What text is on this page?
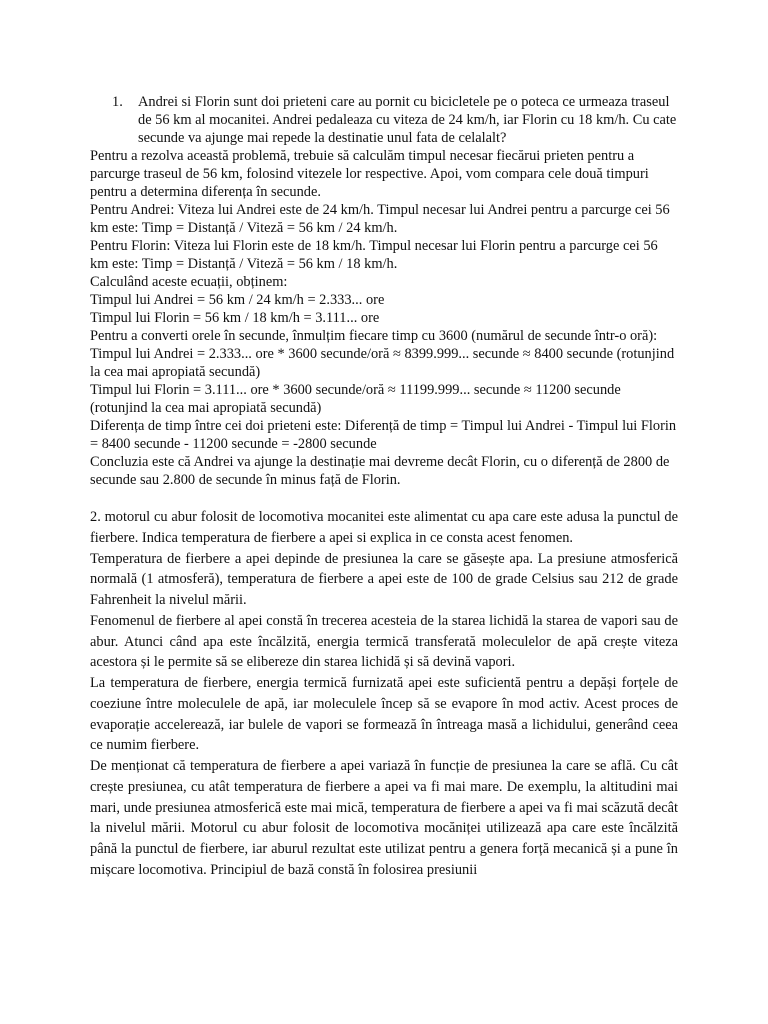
1.	Andrei si Florin sunt doi prieteni care au pornit cu bicicletele pe o poteca ce urmeaza traseul de 56 km al mocanitei. Andrei pedaleaza cu viteza de 24 km/h, iar Florin cu 18 km/h. Cu cate secunde va ajunge mai repede la destinatie unul fata de celalalt?

Pentru a rezolva această problemă, trebuie să calculăm timpul necesar fiecărui prieten pentru a parcurge traseul de 56 km, folosind vitezele lor respective. Apoi, vom compara cele două timpuri pentru a determina diferența în secunde.

Pentru Andrei: Viteza lui Andrei este de 24 km/h. Timpul necesar lui Andrei pentru a parcurge cei 56 km este: Timp = Distanță / Viteză = 56 km / 24 km/h.

Pentru Florin: Viteza lui Florin este de 18 km/h. Timpul necesar lui Florin pentru a parcurge cei 56 km este: Timp = Distanță / Viteză = 56 km / 18 km/h.

Calculând aceste ecuații, obținem:

Timpul lui Andrei = 56 km / 24 km/h = 2.333... ore

Timpul lui Florin = 56 km / 18 km/h = 3.111... ore

Pentru a converti orele în secunde, înmulțim fiecare timp cu 3600 (numărul de secunde într-o oră):

Timpul lui Andrei = 2.333... ore * 3600 secunde/oră ≈ 8399.999... secunde ≈ 8400 secunde (rotunjind la cea mai apropiată secundă)

Timpul lui Florin = 3.111... ore * 3600 secunde/oră ≈ 11199.999... secunde ≈ 11200 secunde (rotunjind la cea mai apropiată secundă)

Diferența de timp între cei doi prieteni este: Diferență de timp = Timpul lui Andrei - Timpul lui Florin = 8400 secunde - 11200 secunde = -2800 secunde

Concluzia este că Andrei va ajunge la destinație mai devreme decât Florin, cu o diferență de 2800 de secunde sau 2.800 de secunde în minus față de Florin.

2. motorul cu abur folosit de locomotiva mocanitei este alimentat cu apa care este adusa la punctul de fierbere. Indica temperatura de fierbere a apei si explica in ce consta acest fenomen.

Temperatura de fierbere a apei depinde de presiunea la care se găsește apa. La presiune atmosferică normală (1 atmosferă), temperatura de fierbere a apei este de 100 de grade Celsius sau 212 de grade Fahrenheit la nivelul mării.

Fenomenul de fierbere al apei constă în trecerea acesteia de la starea lichidă la starea de vapori sau de abur. Atunci când apa este încălzită, energia termică transferată moleculelor de apă crește viteza acestora și le permite să se elibereze din starea lichidă și să devină vapori.

La temperatura de fierbere, energia termică furnizată apei este suficientă pentru a depăși forțele de coeziune între moleculele de apă, iar moleculele încep să se evapore în mod activ. Acest proces de evaporație accelerează, iar bulele de vapori se formează în întreaga masă a lichidului, generând ceea ce numim fierbere.

De menționat că temperatura de fierbere a apei variază în funcție de presiunea la care se află. Cu cât crește presiunea, cu atât temperatura de fierbere a apei va fi mai mare. De exemplu, la altitudini mai mari, unde presiunea atmosferică este mai mică, temperatura de fierbere a apei va fi mai scăzută decât la nivelul mării. Motorul cu abur folosit de locomotiva mocăniței utilizează apa care este încălzită până la punctul de fierbere, iar aburul rezultat este utilizat pentru a genera forță mecanică și a pune în mișcare locomotiva. Principiul de bază constă în folosirea presiunii
